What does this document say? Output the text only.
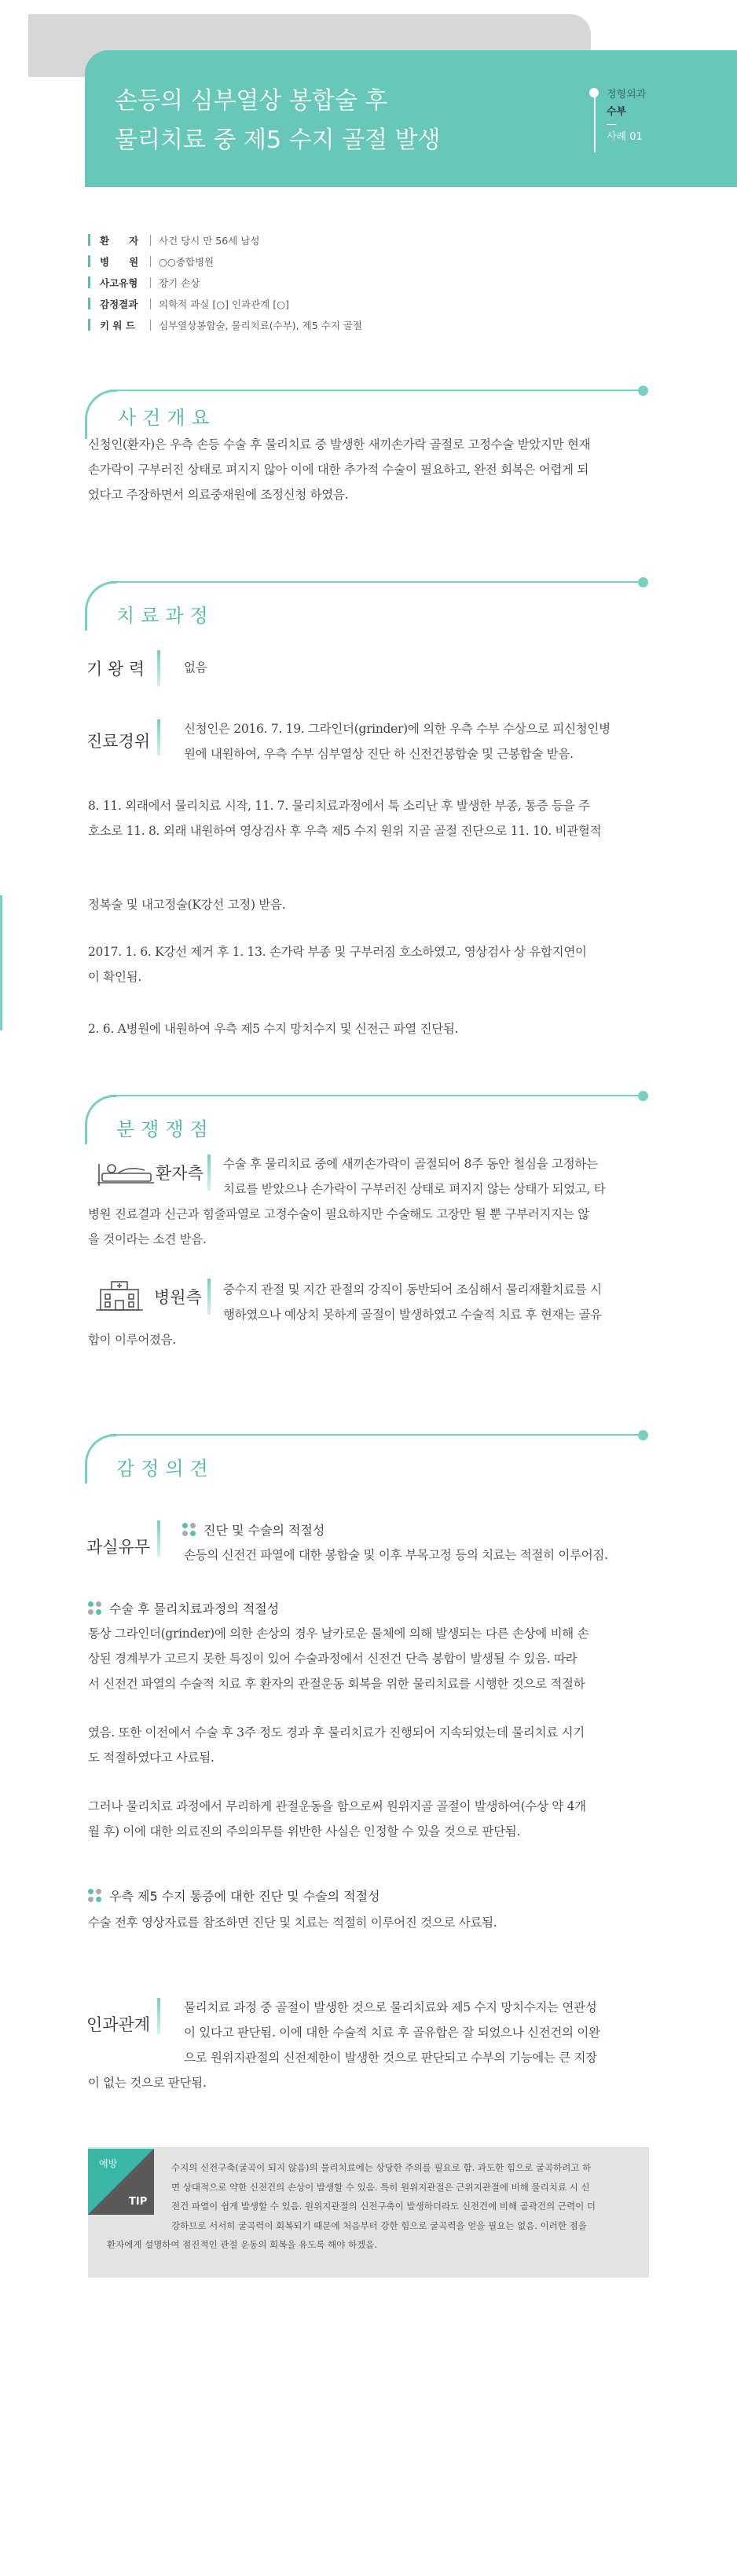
손등의 심부열상 봉합술 후
물리치료 중 제5 수지 골절 발생
정형외과
수부
—
사례 01
환　　자	사건 당시 만 56세 남성
병　　원	○○종합병원
사고유형	장기 손상
감정결과	의학적 과실 [○] 인과관계 [○]
키 워 드	심부열상봉합술, 물리치료(수부), 제5 수지 골절
사건개요

신청인(환자)은 우측 손등 수술 후 물리치료 중 발생한 새끼손가락 골절로 고정수술 받았지만 현재

손가락이 구부러진 상태로 펴지지 않아 이에 대한 추가적 수술이 필요하고, 완전 회복은 어렵게 되

었다고 주장하면서 의료중재원에 조정신청 하였음.

치료과정
기 왕 력	없음
진료경위

신청인은 2016. 7. 19. 그라인더(grinder)에 의한 우측 수부 수상으로 피신청인병

원에 내원하여, 우측 수부 심부열상 진단 하 신전건봉합술 및 근봉합술 받음.

8. 11. 외래에서 물리치료 시작, 11. 7. 물리치료과정에서 툭 소리난 후 발생한 부종, 통증 등을 주

호소로 11. 8. 외래 내원하여 영상검사 후 우측 제5 수지 원위 지골 골절 진단으로 11. 10. 비관혈적

정복술 및 내고정술(K강선 고정) 받음.

2017. 1. 6. K강선 제거 후 1. 13. 손가락 부종 및 구부러짐 호소하였고, 영상검사 상 유합지연이

이 확인됨.

2. 6. A병원에 내원하여 우측 제5 수지 망치수지 및 신전근 파열 진단됨.
분쟁쟁점
환자측 수술 후 물리치료 중에 새끼손가락이 골절되어 8주 동안 철심을 고정하는

치료를 받았으나 손가락이 구부러진 상태로 펴지지 않는 상태가 되었고, 타

병원 진료결과 신근과 힘줄파열로 고정수술이 필요하지만 수술해도 고장만 될 뿐 구부러지지는 않

을 것이라는 소견 받음.

병원측 중수지 관절 및 지간 관절의 강직이 동반되어 조심해서 물리재활치료를 시

행하였으나 예상치 못하게 골절이 발생하였고 수술적 치료 후 현재는 골유

합이 이루어졌음.
감정의견
과실유무
진단 및 수술의 적절성
손등의 신전건 파열에 대한 봉합술 및 이후 부목고정 등의 치료는 적절히 이루어짐.
수술 후 물리치료과정의 적절성

통상 그라인더(grinder)에 의한 손상의 경우 날카로운 물체에 의해 발생되는 다른 손상에 비해 손

상된 경계부가 고르지 못한 특징이 있어 수술과정에서 신전건 단측 봉합이 발생될 수 있음. 따라

서 신전건 파열의 수술적 치료 후 환자의 관절운동 회복을 위한 물리치료를 시행한 것으로 적절하

였음. 또한 이전에서 수술 후 3주 정도 경과 후 물리치료가 진행되어 지속되었는데 물리치료 시기

도 적절하였다고 사료됨.

그러나 물리치료 과정에서 무리하게 관절운동을 함으로써 원위지골 골절이 발생하여(수상 약 4개

월 후) 이에 대한 의료진의 주의의무를 위반한 사실은 인정할 수 있을 것으로 판단됨.

우측 제5 수지 통증에 대한 진단 및 수술의 적절성
수술 전후 영상자료를 참조하면 진단 및 치료는 적절히 이루어진 것으로 사료됨.
인과관계

물리치료 과정 중 골절이 발생한 것으로 물리치료와 제5 수지 망치수지는 연관성

이 있다고 판단됨. 이에 대한 수술적 치료 후 골유합은 잘 되었으나 신전건의 이완

으로 원위지관절의 신전제한이 발생한 것으로 판단되고 수부의 기능에는 큰 지장

이 없는 것으로 판단됨.
예방
TIP
수지의 신전구축(굴곡이 되지 않음)의 물리치료에는 상당한 주의를 필요로 함. 과도한 힘으로 굴곡하려고 하
면 상대적으로 약한 신전건의 손상이 발생할 수 있음. 특히 원위지관절은 근위지관절에 비해 물리치료 시 신
전건 파열이 쉽게 발생할 수 있음. 원위지관절의 신전구축이 발생하더라도 신전건에 비해 골곽건의 근력이 더
강하므로 서서히 굴곡력이 회복되기 때문에 처음부터 강한 힘으로 굴곡력을 얻을 필요는 없음. 이러한 점을
환자에게 설명하여 점진적인 관절 운동의 회복을 유도록 해야 하겠음.
